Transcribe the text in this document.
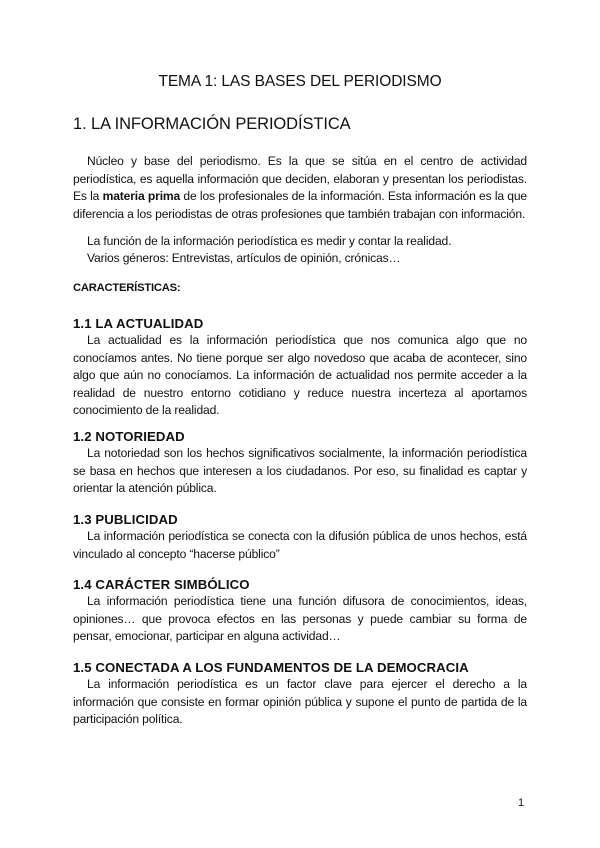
TEMA 1: LAS BASES DEL PERIODISMO
1. LA INFORMACIÓN PERIODÍSTICA

Núcleo y base del periodismo. Es la que se sitúa en el centro de actividad periodística, es aquella información que deciden, elaboran y presentan los periodistas. Es la materia prima de los profesionales de la información. Esta información es la que diferencia a los periodistas de otras profesiones que también trabajan con información.

La función de la información periodística es medir y contar la realidad.

Varios géneros: Entrevistas, artículos de opinión, crónicas…

CARACTERÍSTICAS:
1.1 LA ACTUALIDAD

La actualidad es la información periodística que nos comunica algo que no conocíamos antes. No tiene porque ser algo novedoso que acaba de acontecer, sino algo que aún no conocíamos. La información de actualidad nos permite acceder a la realidad de nuestro entorno cotidiano y reduce nuestra incerteza al aportamos conocimiento de la realidad.

1.2 NOTORIEDAD

La notoriedad son los hechos significativos socialmente, la información periodística se basa en hechos que interesen a los ciudadanos. Por eso, su finalidad es captar y orientar la atención pública.

1.3 PUBLICIDAD

La información periodística se conecta con la difusión pública de unos hechos, está vinculado al concepto “hacerse público”

1.4 CARÁCTER SIMBÓLICO

La información periodística tiene una función difusora de conocimientos, ideas, opiniones… que provoca efectos en las personas y puede cambiar su forma de pensar, emocionar, participar en alguna actividad…

1.5 CONECTADA A LOS FUNDAMENTOS DE LA DEMOCRACIA

La información periodística es un factor clave para ejercer el derecho a la información que consiste en formar opinión pública y supone el punto de partida de la participación política.

1
